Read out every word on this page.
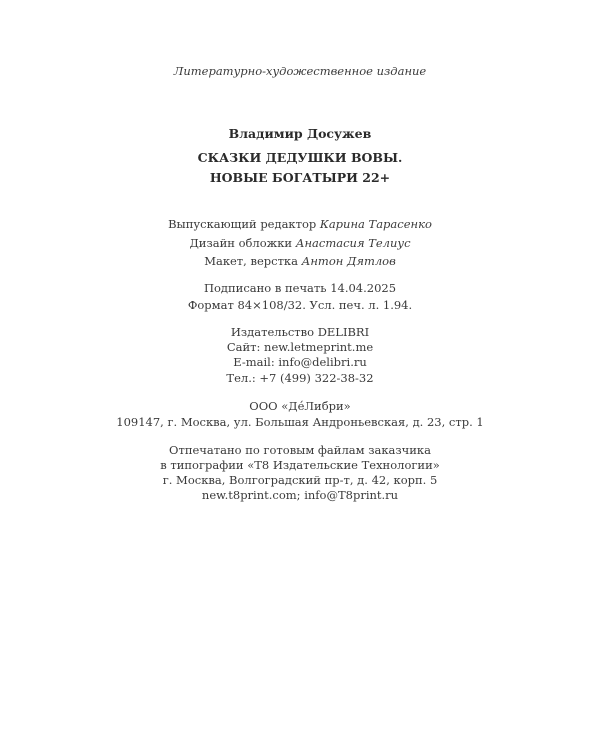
Литературно-художественное издание
Владимир Досужев
СКАЗКИ ДЕДУШКИ ВОВЫ.
НОВЫЕ БОГАТЫРИ 22+
Выпускающий редактор Карина Тарасенко
Дизайн обложки Анастасия Телиус
Макет, верстка Антон Дятлов
Подписано в печать 14.04.2025
Формат 84×108/32. Усл. печ. л. 1.94.
Издательство DELIBRI
Сайт: new.letmeprint.me
E-mail: info@delibri.ru
Тел.: +7 (499) 322-38-32
ООО «ДéЛибри»
109147, г. Москва, ул. Большая Андроньевская, д. 23, стр. 1
Отпечатано по готовым файлам заказчика
в типографии «Т8 Издательские Технологии»
г. Москва, Волгоградский пр-т, д. 42, корп. 5
new.t8print.com; info@T8print.ru
